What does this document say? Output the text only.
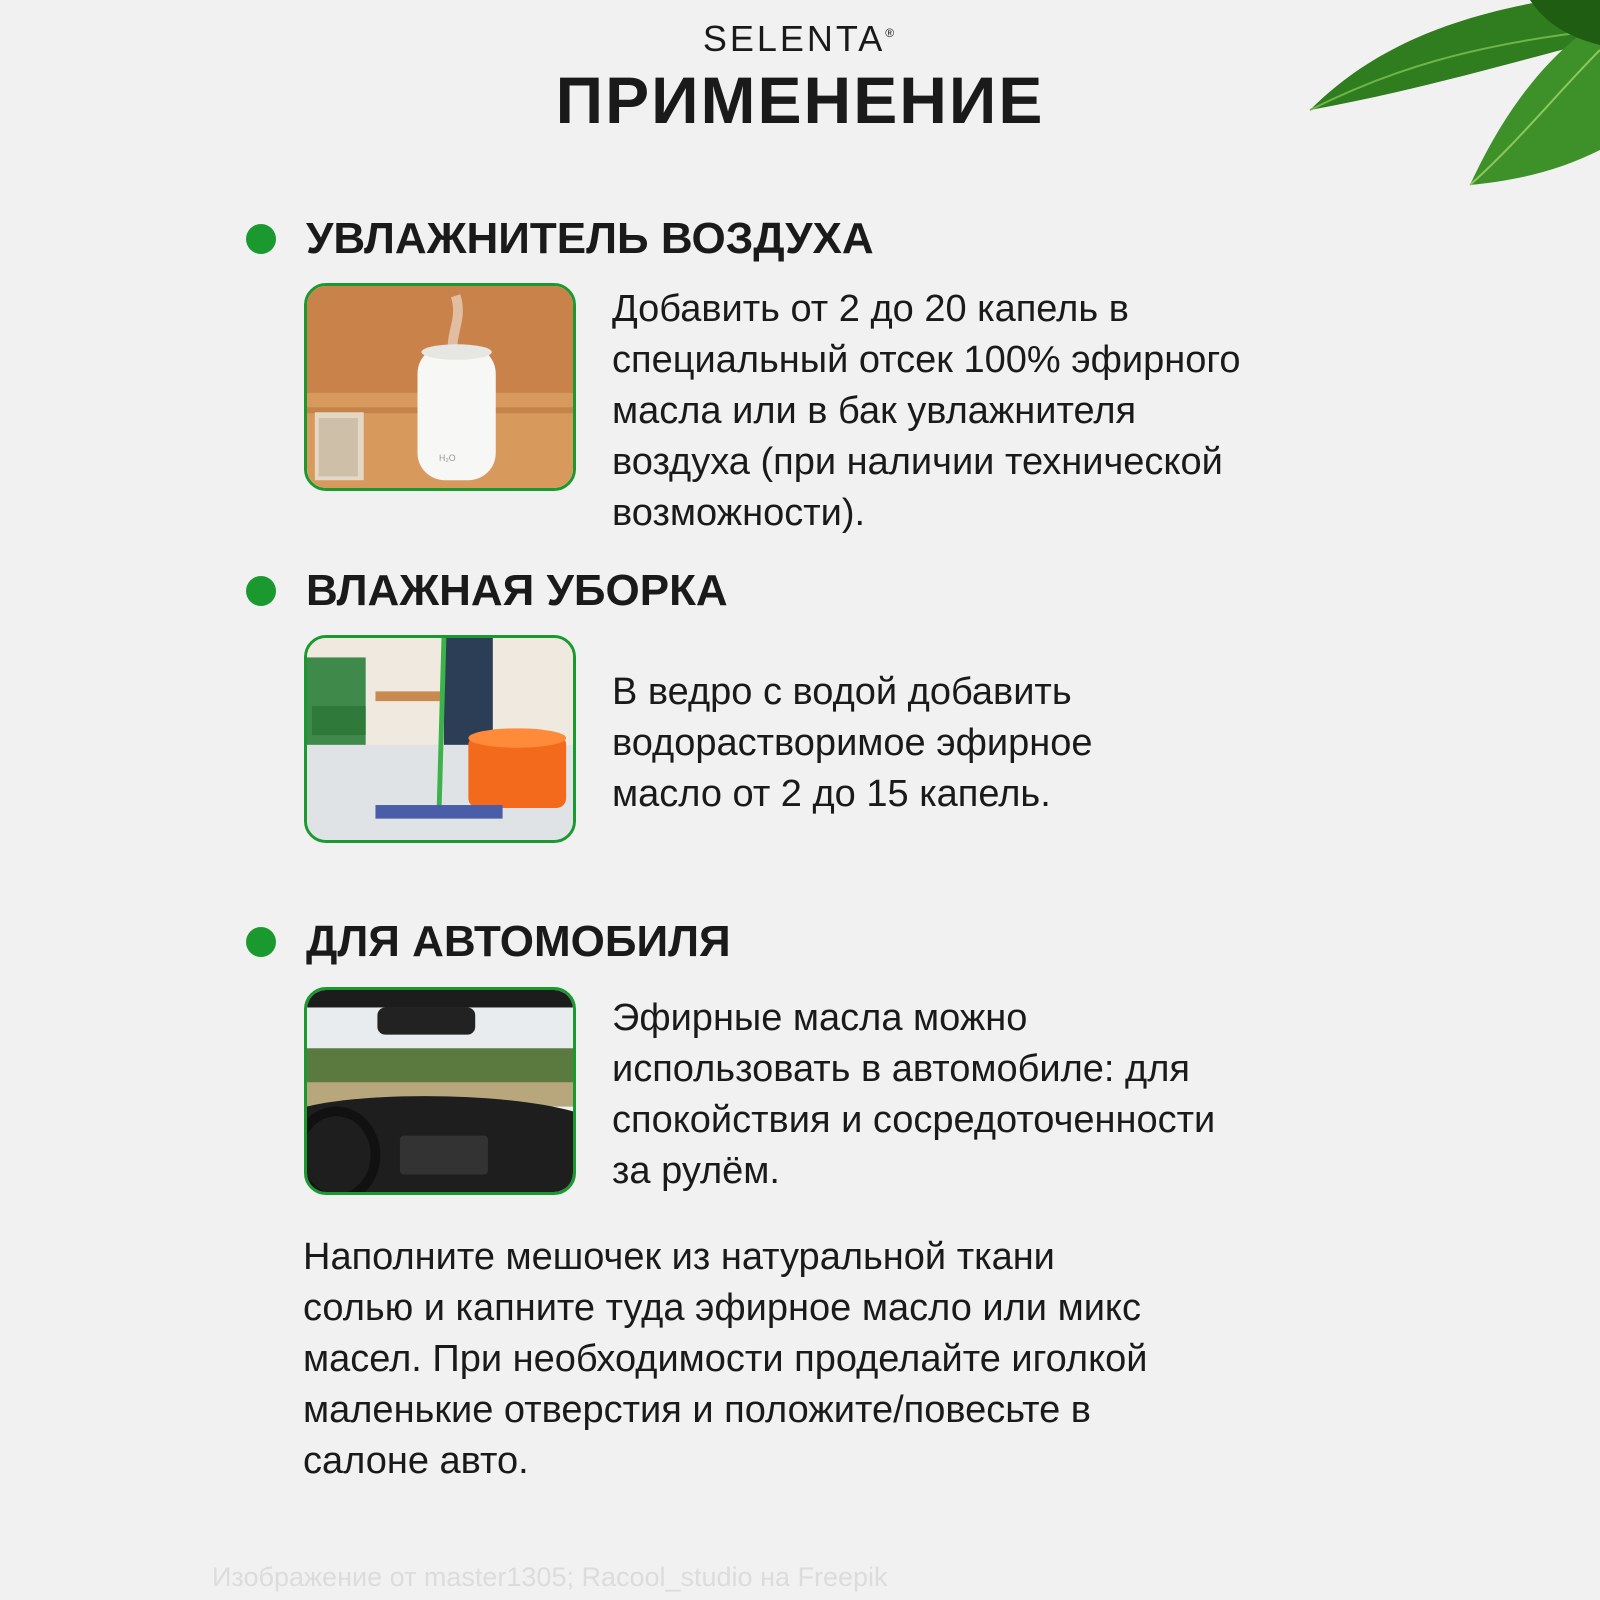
SELENTA®
ПРИМЕНЕНИЕ
УВЛАЖНИТЕЛЬ ВОЗДУХА
H₂O
Добавить от 2 до 20 капель в
специальный отсек 100% эфирного
масла или в бак увлажнителя
воздуха (при наличии технической
возможности).
ВЛАЖНАЯ УБОРКА
В ведро с водой добавить
водорастворимое эфирное
масло от 2 до 15 капель.
ДЛЯ АВТОМОБИЛЯ
Эфирные масла можно
использовать в автомобиле: для
спокойствия и сосредоточенности
за рулём.
Наполните мешочек из натуральной ткани
солью и капните туда эфирное масло или микс
масел. При необходимости проделайте иголкой
маленькие отверстия и положите/повесьте в
салоне авто.
Изображение от master1305; Racool_studio на Freepik
